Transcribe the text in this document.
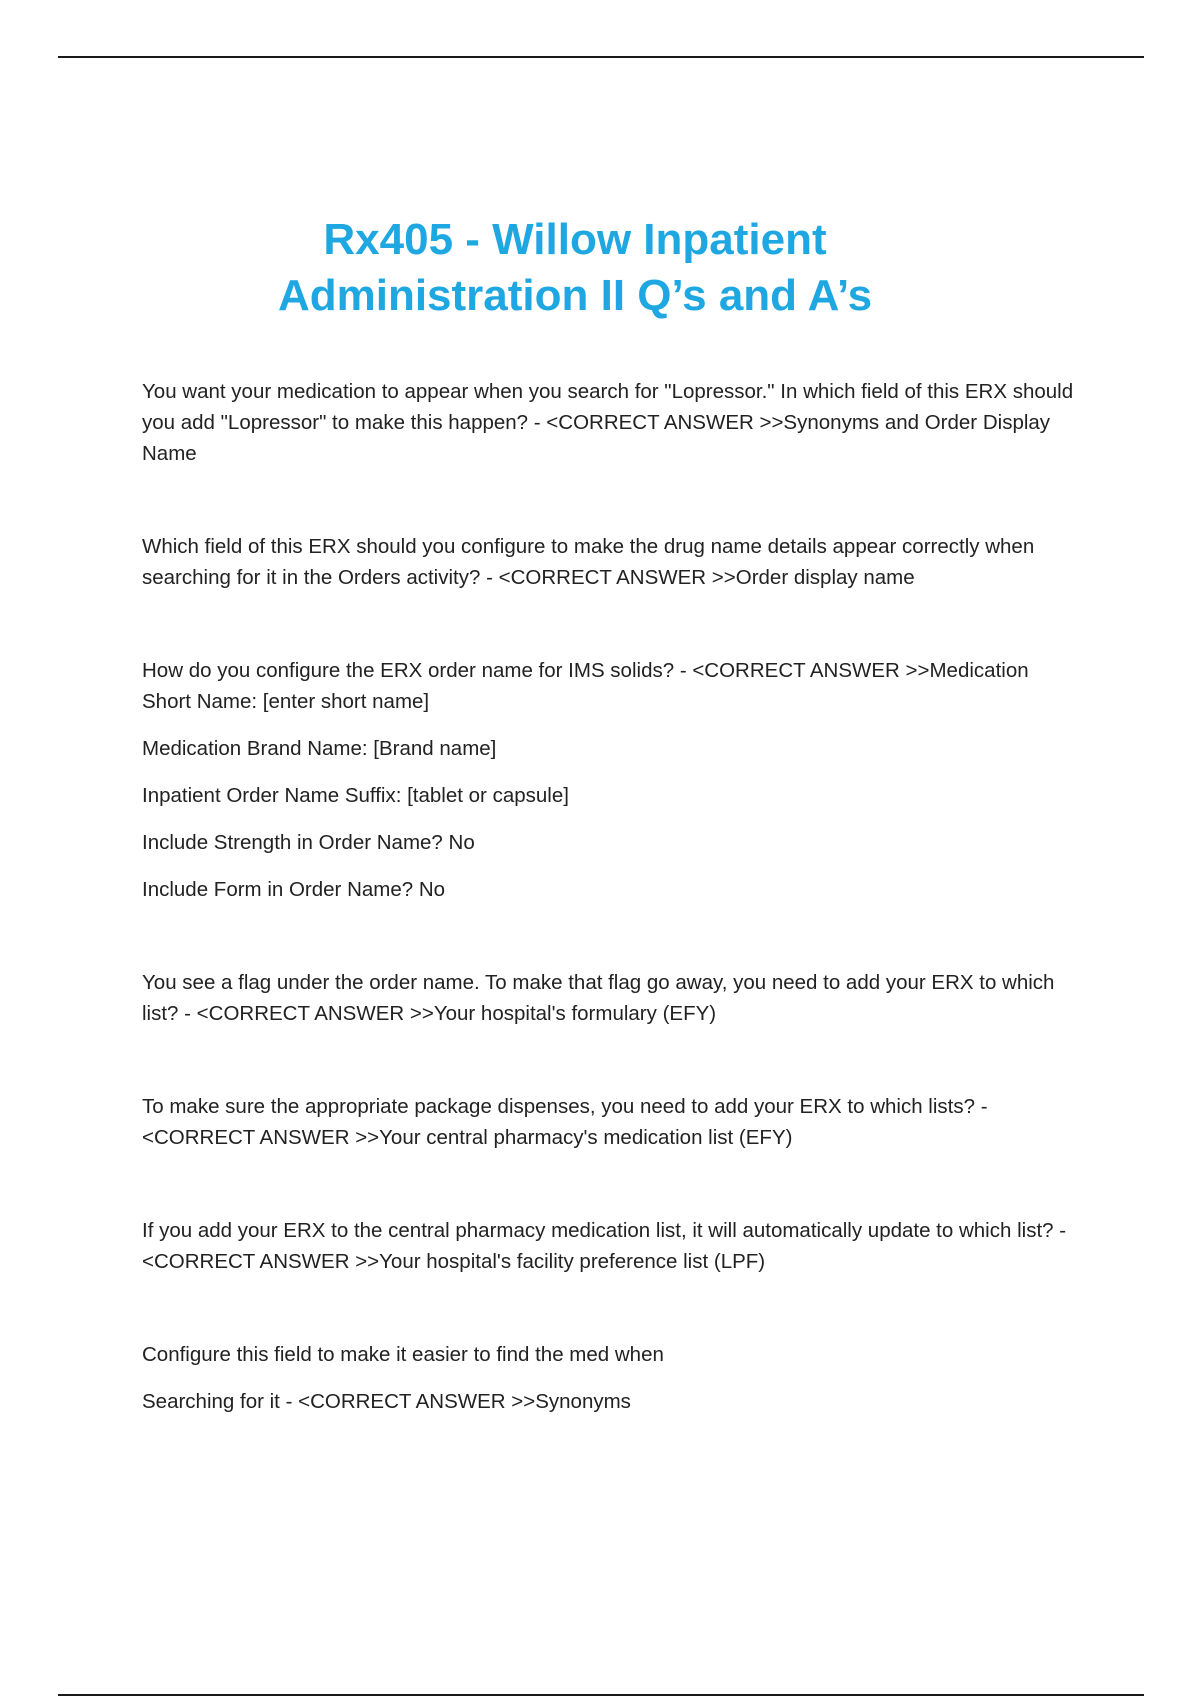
Rx405 - Willow Inpatient
Administration II Q’s and A’s

You want your medication to appear when you search for "Lopressor." In which field of this ERX should you add "Lopressor" to make this happen? - <CORRECT ANSWER >>Synonyms and Order Display Name

Which field of this ERX should you configure to make the drug name details appear correctly when searching for it in the Orders activity? - <CORRECT ANSWER >>Order display name

How do you configure the ERX order name for IMS solids? - <CORRECT ANSWER >>Medication Short Name: [enter short name]

Medication Brand Name: [Brand name]

Inpatient Order Name Suffix: [tablet or capsule]

Include Strength in Order Name? No

Include Form in Order Name? No

You see a flag under the order name. To make that flag go away, you need to add your ERX to which list? - <CORRECT ANSWER >>Your hospital's formulary (EFY)

To make sure the appropriate package dispenses, you need to add your ERX to which lists? - <CORRECT ANSWER >>Your central pharmacy's medication list (EFY)

If you add your ERX to the central pharmacy medication list, it will automatically update to which list? - <CORRECT ANSWER >>Your hospital's facility preference list (LPF)

Configure this field to make it easier to find the med when

Searching for it - <CORRECT ANSWER >>Synonyms
